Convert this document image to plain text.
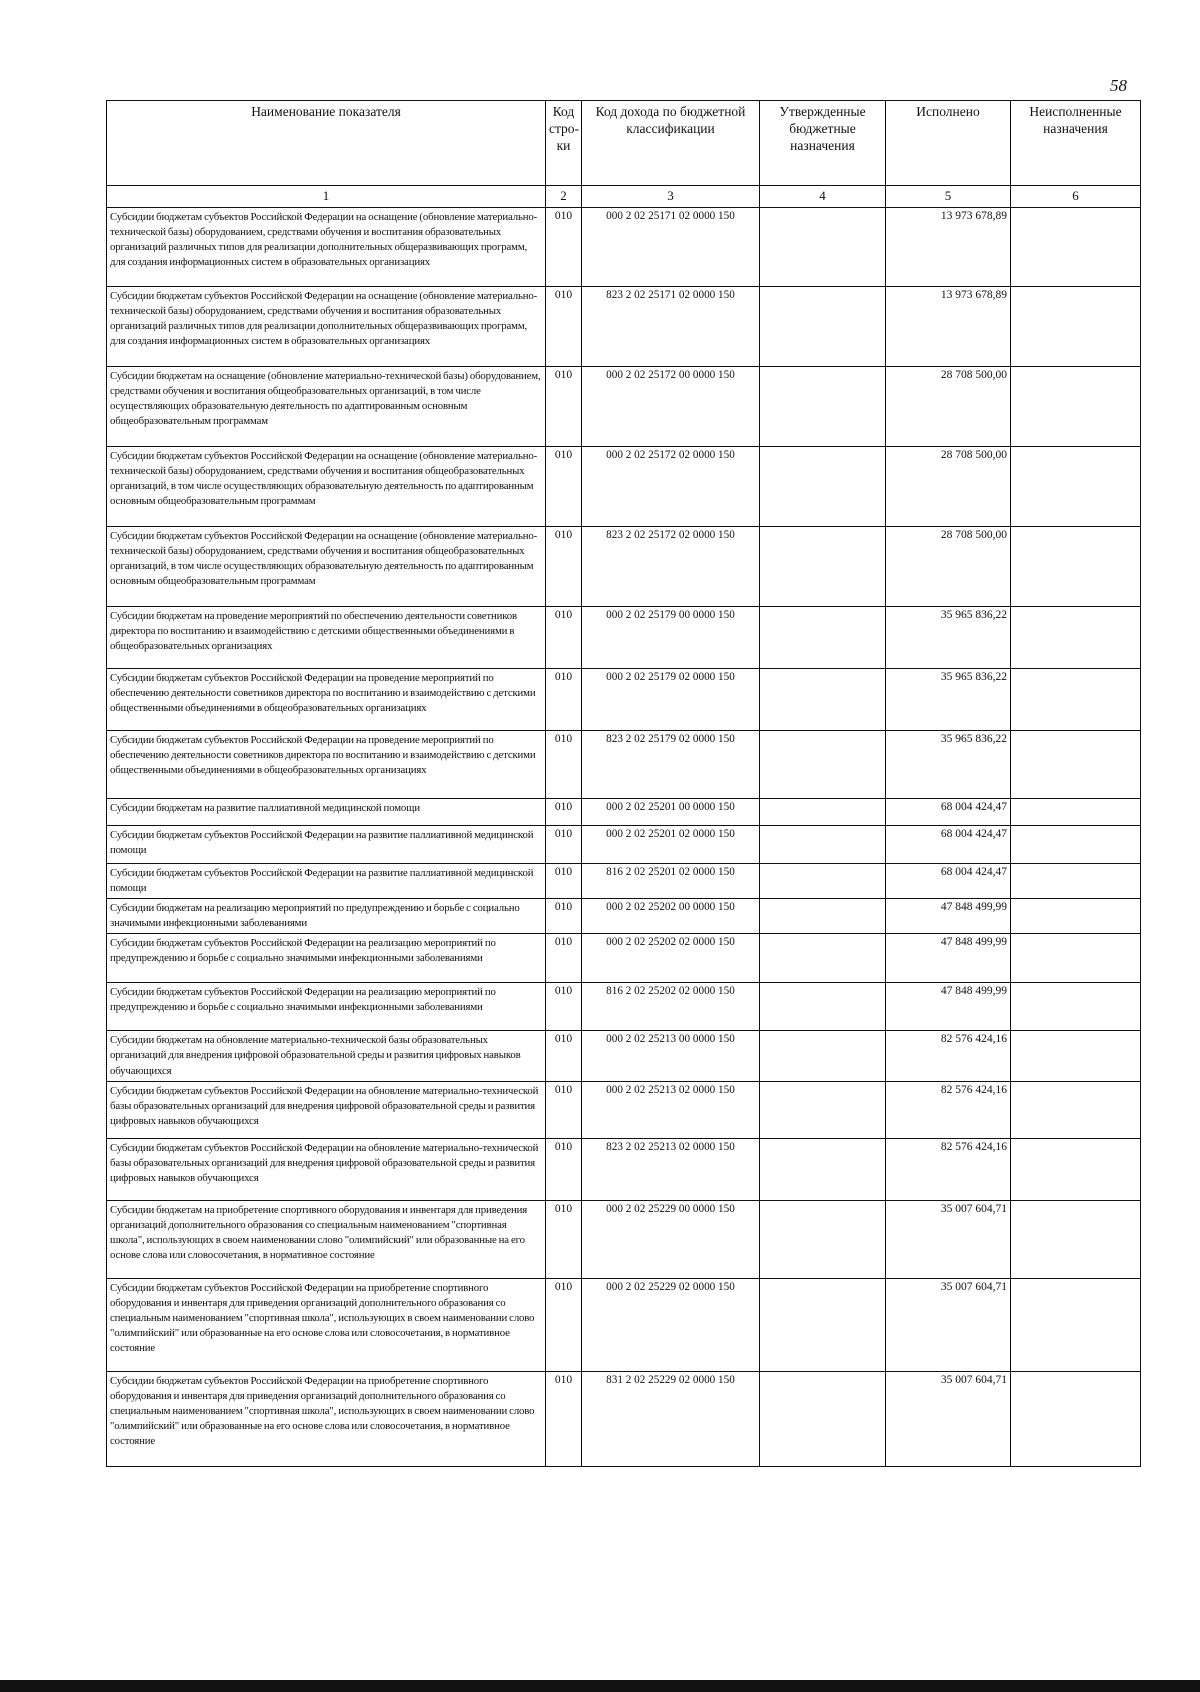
58
Наименование показателя	Код стро-ки	Код дохода по бюджетной классификации	Утвержденные бюджетные назначения	Исполнено	Неисполненные назначения
1	2	3	4	5	6
Субсидии бюджетам субъектов Российской Федерации на оснащение (обновление материально-технической базы) оборудованием, средствами обучения и воспитания образовательных организаций различных типов для реализации дополнительных общеразвивающих программ, для создания информационных систем в образовательных организациях	010	000 2 02 25171 02 0000 150		13 973 678,89	
Субсидии бюджетам субъектов Российской Федерации на оснащение (обновление материально-технической базы) оборудованием, средствами обучения и воспитания образовательных организаций различных типов для реализации дополнительных общеразвивающих программ, для создания информационных систем в образовательных организациях	010	823 2 02 25171 02 0000 150		13 973 678,89	
Субсидии бюджетам на оснащение (обновление материально-технической базы) оборудованием, средствами обучения и воспитания общеобразовательных организаций, в том числе осуществляющих образовательную деятельность по адаптированным основным общеобразовательным программам	010	000 2 02 25172 00 0000 150		28 708 500,00	
Субсидии бюджетам субъектов Российской Федерации на оснащение (обновление материально-технической базы) оборудованием, средствами обучения и воспитания общеобразовательных организаций, в том числе осуществляющих образовательную деятельность по адаптированным основным общеобразовательным программам	010	000 2 02 25172 02 0000 150		28 708 500,00	
Субсидии бюджетам субъектов Российской Федерации на оснащение (обновление материально-технической базы) оборудованием, средствами обучения и воспитания общеобразовательных организаций, в том числе осуществляющих образовательную деятельность по адаптированным основным общеобразовательным программам	010	823 2 02 25172 02 0000 150		28 708 500,00	
Субсидии бюджетам на проведение мероприятий по обеспечению деятельности советников директора по воспитанию и взаимодействию с детскими общественными объединениями в общеобразовательных организациях	010	000 2 02 25179 00 0000 150		35 965 836,22	
Субсидии бюджетам субъектов Российской Федерации на проведение мероприятий по обеспечению деятельности советников директора по воспитанию и взаимодействию с детскими общественными объединениями в общеобразовательных организациях	010	000 2 02 25179 02 0000 150		35 965 836,22	
Субсидии бюджетам субъектов Российской Федерации на проведение мероприятий по обеспечению деятельности советников директора по воспитанию и взаимодействию с детскими общественными объединениями в общеобразовательных организациях	010	823 2 02 25179 02 0000 150		35 965 836,22	
Субсидии бюджетам на развитие паллиативной медицинской помощи	010	000 2 02 25201 00 0000 150		68 004 424,47	
Субсидии бюджетам субъектов Российской Федерации на развитие паллиативной медицинской помощи	010	000 2 02 25201 02 0000 150		68 004 424,47	
Субсидии бюджетам субъектов Российской Федерации на развитие паллиативной медицинской помощи	010	816 2 02 25201 02 0000 150		68 004 424,47	
Субсидии бюджетам на реализацию мероприятий по предупреждению и борьбе с социально значимыми инфекционными заболеваниями	010	000 2 02 25202 00 0000 150		47 848 499,99	
Субсидии бюджетам субъектов Российской Федерации на реализацию мероприятий по предупреждению и борьбе с социально значимыми инфекционными заболеваниями	010	000 2 02 25202 02 0000 150		47 848 499,99	
Субсидии бюджетам субъектов Российской Федерации на реализацию мероприятий по предупреждению и борьбе с социально значимыми инфекционными заболеваниями	010	816 2 02 25202 02 0000 150		47 848 499,99	
Субсидии бюджетам на обновление материально-технической базы образовательных организаций для внедрения цифровой образовательной среды и развития цифровых навыков обучающихся	010	000 2 02 25213 00 0000 150		82 576 424,16	
Субсидии бюджетам субъектов Российской Федерации на обновление материально-технической базы образовательных организаций для внедрения цифровой образовательной среды и развития цифровых навыков обучающихся	010	000 2 02 25213 02 0000 150		82 576 424,16	
Субсидии бюджетам субъектов Российской Федерации на обновление материально-технической базы образовательных организаций для внедрения цифровой образовательной среды и развития цифровых навыков обучающихся	010	823 2 02 25213 02 0000 150		82 576 424,16	
Субсидии бюджетам на приобретение спортивного оборудования и инвентаря для приведения организаций дополнительного образования со специальным наименованием "спортивная школа", использующих в своем наименовании слово "олимпийский" или образованные на его основе слова или словосочетания, в нормативное состояние	010	000 2 02 25229 00 0000 150		35 007 604,71	
Субсидии бюджетам субъектов Российской Федерации на приобретение спортивного оборудования и инвентаря для приведения организаций дополнительного образования со специальным наименованием "спортивная школа", использующих в своем наименовании слово "олимпийский" или образованные на его основе слова или словосочетания, в нормативное состояние	010	000 2 02 25229 02 0000 150		35 007 604,71	
Субсидии бюджетам субъектов Российской Федерации на приобретение спортивного оборудования и инвентаря для приведения организаций дополнительного образования со специальным наименованием "спортивная школа", использующих в своем наименовании слово "олимпийский" или образованные на его основе слова или словосочетания, в нормативное состояние	010	831 2 02 25229 02 0000 150		35 007 604,71	
